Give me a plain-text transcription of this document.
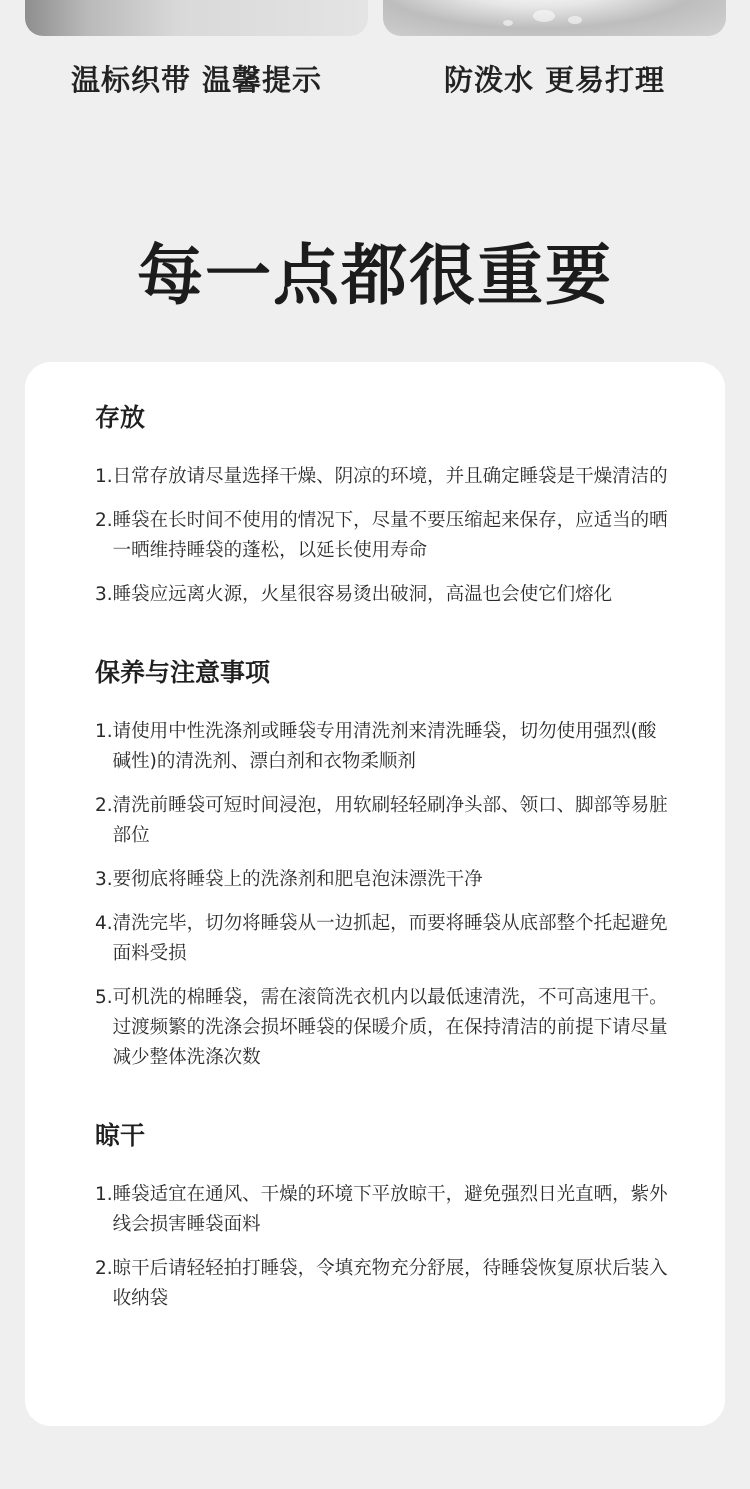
温标织带 温馨提示	防泼水 更易打理
每一点都很重要
存放
1. 日常存放请尽量选择干燥、阴凉的环境，并且确定睡袋是干燥清洁的
2. 睡袋在长时间不使用的情况下，尽量不要压缩起来保存，应适当的晒一晒维持睡袋的蓬松，以延长使用寿命
3. 睡袋应远离火源，火星很容易烫出破洞，高温也会使它们熔化
保养与注意事项
1. 请使用中性洗涤剂或睡袋专用清洗剂来清洗睡袋，切勿使用强烈(酸碱性)的清洗剂、漂白剂和衣物柔顺剂
2. 清洗前睡袋可短时间浸泡，用软刷轻轻刷净头部、领口、脚部等易脏部位
3. 要彻底将睡袋上的洗涤剂和肥皂泡沫漂洗干净
4. 清洗完毕，切勿将睡袋从一边抓起，而要将睡袋从底部整个托起避免面料受损
5. 可机洗的棉睡袋，需在滚筒洗衣机内以最低速清洗，不可高速甩干。过渡频繁的洗涤会损坏睡袋的保暖介质，在保持清洁的前提下请尽量减少整体洗涤次数
晾干
1. 睡袋适宜在通风、干燥的环境下平放晾干，避免强烈日光直晒，紫外线会损害睡袋面料
2. 晾干后请轻轻拍打睡袋，令填充物充分舒展，待睡袋恢复原状后装入收纳袋
